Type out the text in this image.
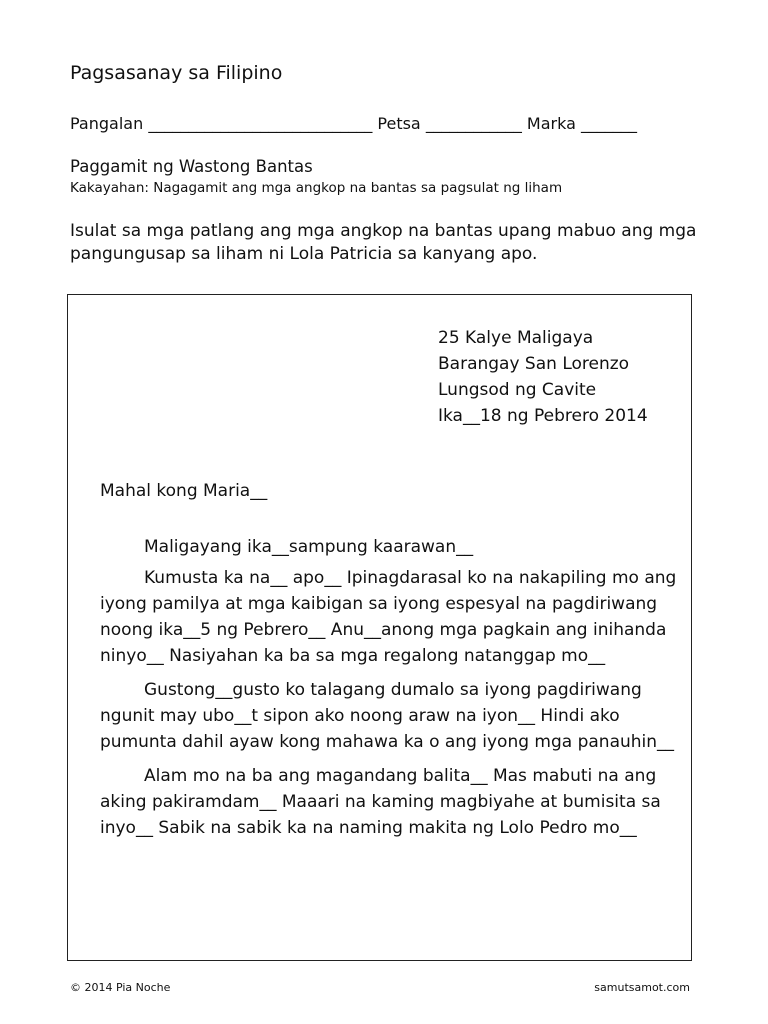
Pagsasanay sa Filipino
Pangalan ____________________________ Petsa ____________ Marka _______
Paggamit ng Wastong Bantas
Kakayahan: Nagagamit ang mga angkop na bantas sa pagsulat ng liham

Isulat sa mga patlang ang mga angkop na bantas upang mabuo ang mga pangungusap sa liham ni Lola Patricia sa kanyang apo.

25 Kalye Maligaya
Barangay San Lorenzo
Lungsod ng Cavite
Ika__18 ng Pebrero 2014
Mahal kong Maria__

Maligayang ika__sampung kaarawan__

Kumusta ka na__ apo__ Ipinagdarasal ko na nakapiling mo ang iyong pamilya at mga kaibigan sa iyong espesyal na pagdiriwang noong ika__5 ng Pebrero__ Anu__anong mga pagkain ang inihanda ninyo__ Nasiyahan ka ba sa mga regalong natanggap mo__

Gustong__gusto ko talagang dumalo sa iyong pagdiriwang ngunit may ubo__t sipon ako noong araw na iyon__ Hindi ako pumunta dahil ayaw kong mahawa ka o ang iyong mga panauhin__

Alam mo na ba ang magandang balita__ Mas mabuti na ang aking pakiramdam__ Maaari na kaming magbiyahe at bumisita sa inyo__ Sabik na sabik ka na naming makita ng Lolo Pedro mo__

© 2014 Pia Noche	samutsamot.com
